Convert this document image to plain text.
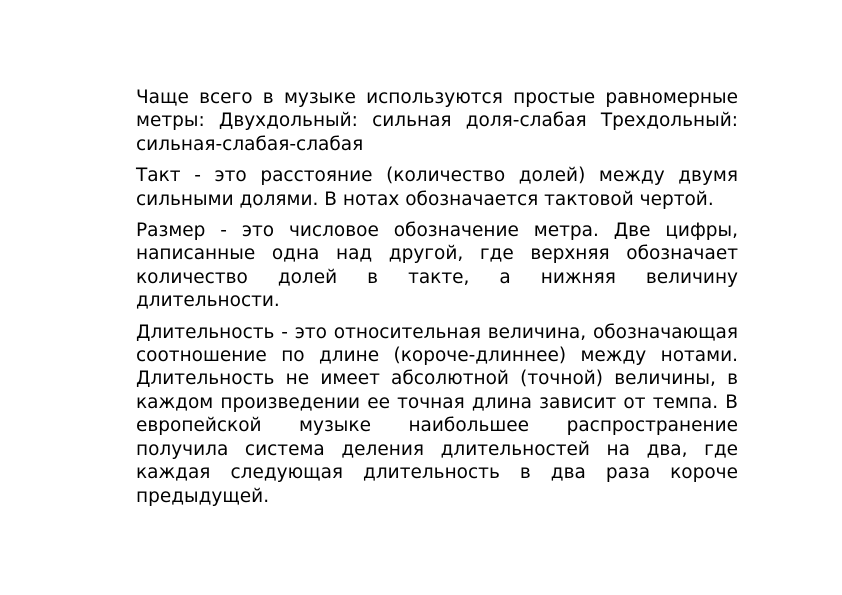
Чаще всего в музыке используются простые равномерные метры: Двухдольный: сильная доля-слабая Трехдольный: сильная-слабая-слабая

Такт - это расстояние (количество долей) между двумя сильными долями. В нотах обозначается тактовой чертой.

Размер - это числовое обозначение метра. Две цифры, написанные одна над другой, где верхняя обозначает количество долей в такте, а нижняя величину длительности.

Длительность - это относительная величина, обозначающая соотношение по длине (короче-длиннее) между нотами. Длительность не имеет абсолютной (точной) величины, в каждом произведении ее точная длина зависит от темпа. В европейской музыке наибольшее распространение получила система деления длительностей на два, где каждая следующая длительность в два раза короче предыдущей.
